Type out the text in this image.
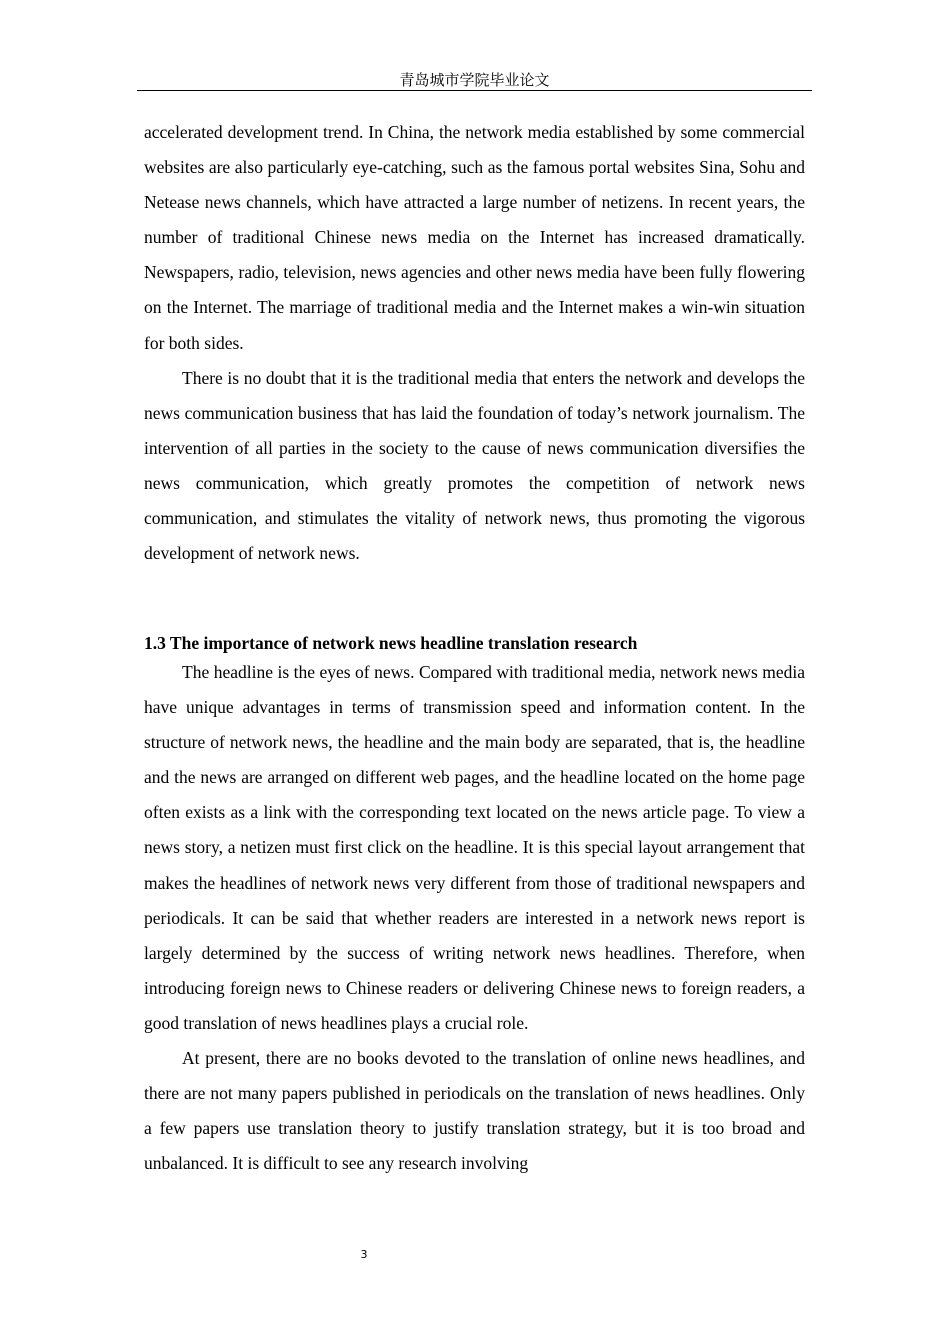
青岛城市学院毕业论文

accelerated development trend. In China, the network media established by some commercial websites are also particularly eye-catching, such as the famous portal websites Sina, Sohu and Netease news channels, which have attracted a large number of netizens. In recent years, the number of traditional Chinese news media on the Internet has increased dramatically. Newspapers, radio, television, news agencies and other news media have been fully flowering on the Internet. The marriage of traditional media and the Internet makes a win-win situation for both sides.

There is no doubt that it is the traditional media that enters the network and develops the news communication business that has laid the foundation of today’s network journalism. The intervention of all parties in the society to the cause of news communication diversifies the news communication, which greatly promotes the competition of network news communication, and stimulates the vitality of network news, thus promoting the vigorous development of network news.

1.3 The importance of network news headline translation research

The headline is the eyes of news. Compared with traditional media, network news media have unique advantages in terms of transmission speed and information content. In the structure of network news, the headline and the main body are separated, that is, the headline and the news are arranged on different web pages, and the headline located on the home page often exists as a link with the corresponding text located on the news article page. To view a news story, a netizen must first click on the headline. It is this special layout arrangement that makes the headlines of network news very different from those of traditional newspapers and periodicals. It can be said that whether readers are interested in a network news report is largely determined by the success of writing network news headlines. Therefore, when introducing foreign news to Chinese readers or delivering Chinese news to foreign readers, a good translation of news headlines plays a crucial role.

At present, there are no books devoted to the translation of online news headlines, and there are not many papers published in periodicals on the translation of news headlines. Only a few papers use translation theory to justify translation strategy, but it is too broad and unbalanced. It is difficult to see any research involving

3
